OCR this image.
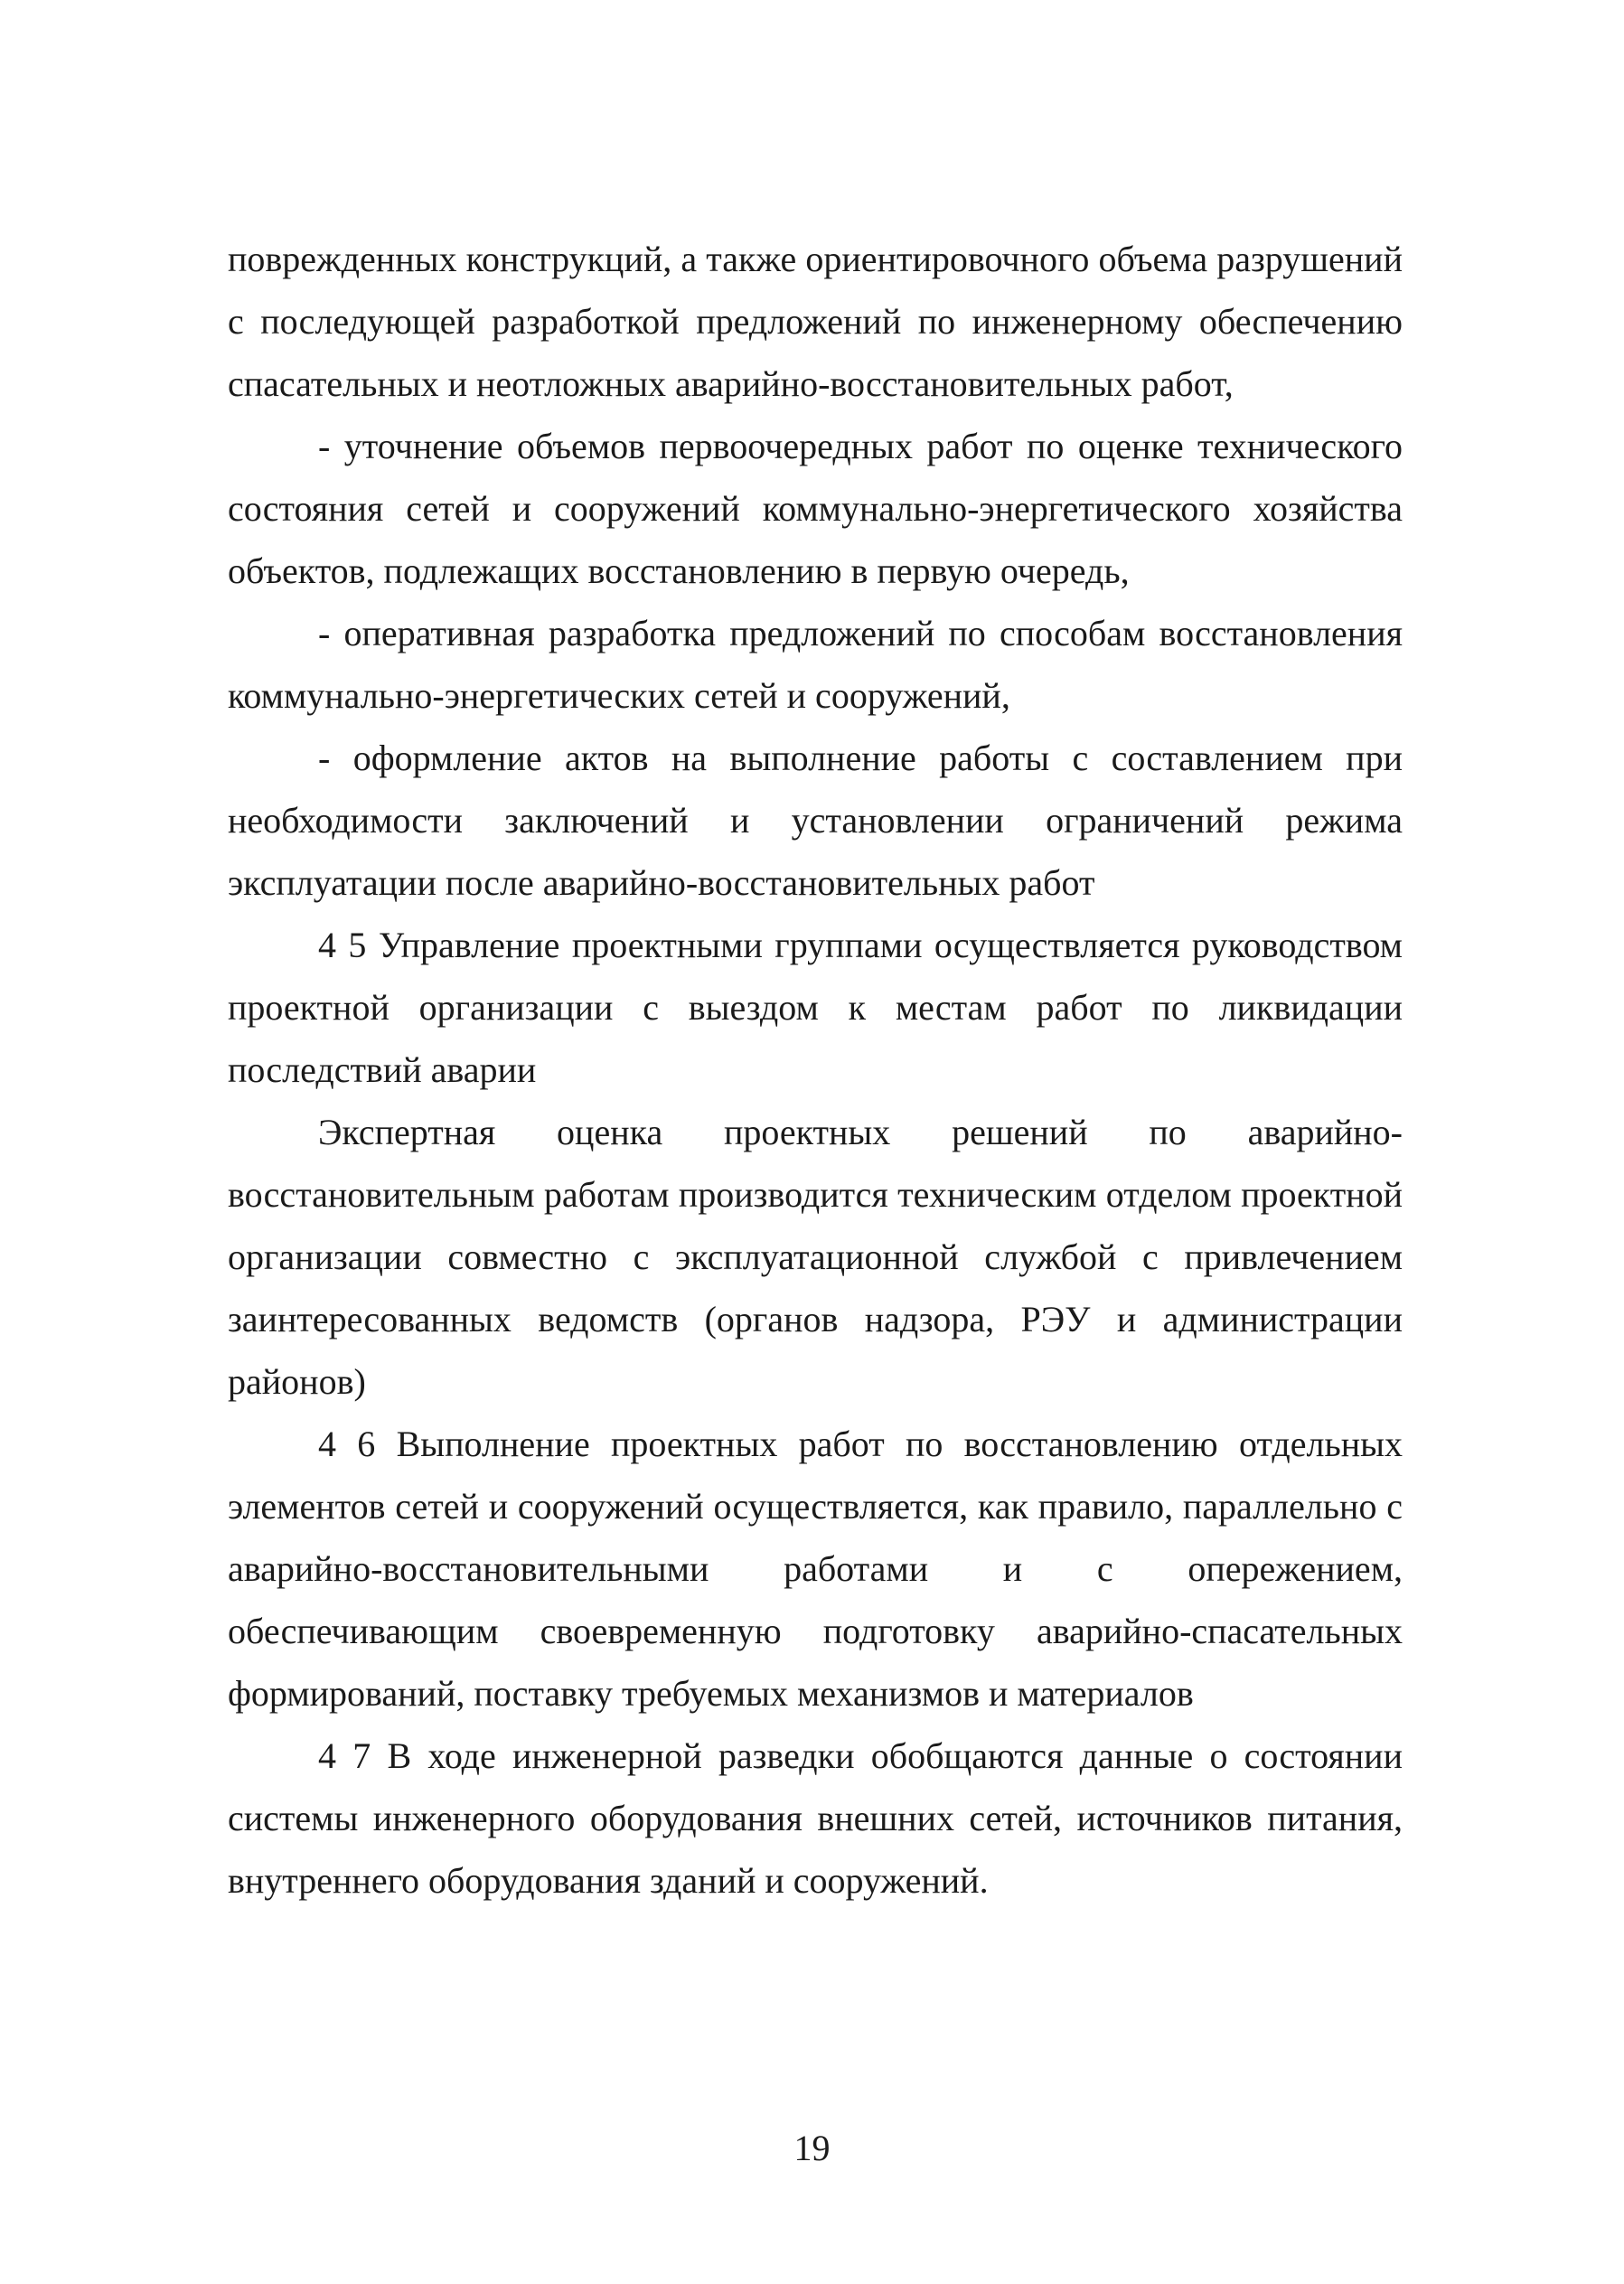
поврежденных конструкций, а также ориентировочного объема разрушений с последующей разработкой предложений по инженерному обеспечению спасательных и неотложных аварийно-восстановительных работ,

- уточнение объемов первоочередных работ по оценке технического состояния сетей и сооружений коммунально-энергетического хозяйства объектов, подлежащих восстановлению в первую очередь,

- оперативная разработка предложений по способам восстановления коммунально-энергетических сетей и сооружений,

- оформление актов на выполнение работы с составлением при необходимости заключений и установлении ограничений режима эксплуатации после аварийно-восстановительных работ

4 5 Управление проектными группами осуществляется руководством проектной организации с выездом к местам работ по ликвидации последствий аварии

Экспертная оценка проектных решений по аварийно-восстановительным работам производится техническим отделом проектной организации совместно с эксплуатационной службой с привлечением заинтересованных ведомств (органов надзора, РЭУ и администрации районов)

4 6 Выполнение проектных работ по восстановлению отдельных элементов сетей и сооружений осуществляется, как правило, параллельно с аварийно-восстановительными работами и с опережением, обеспечивающим своевременную подготовку аварийно-спасательных формирований, поставку требуемых механизмов и материалов

4 7 В ходе инженерной разведки обобщаются данные о состоянии системы инженерного оборудования внешних сетей, источников питания, внутреннего оборудования зданий и сооружений.

19
